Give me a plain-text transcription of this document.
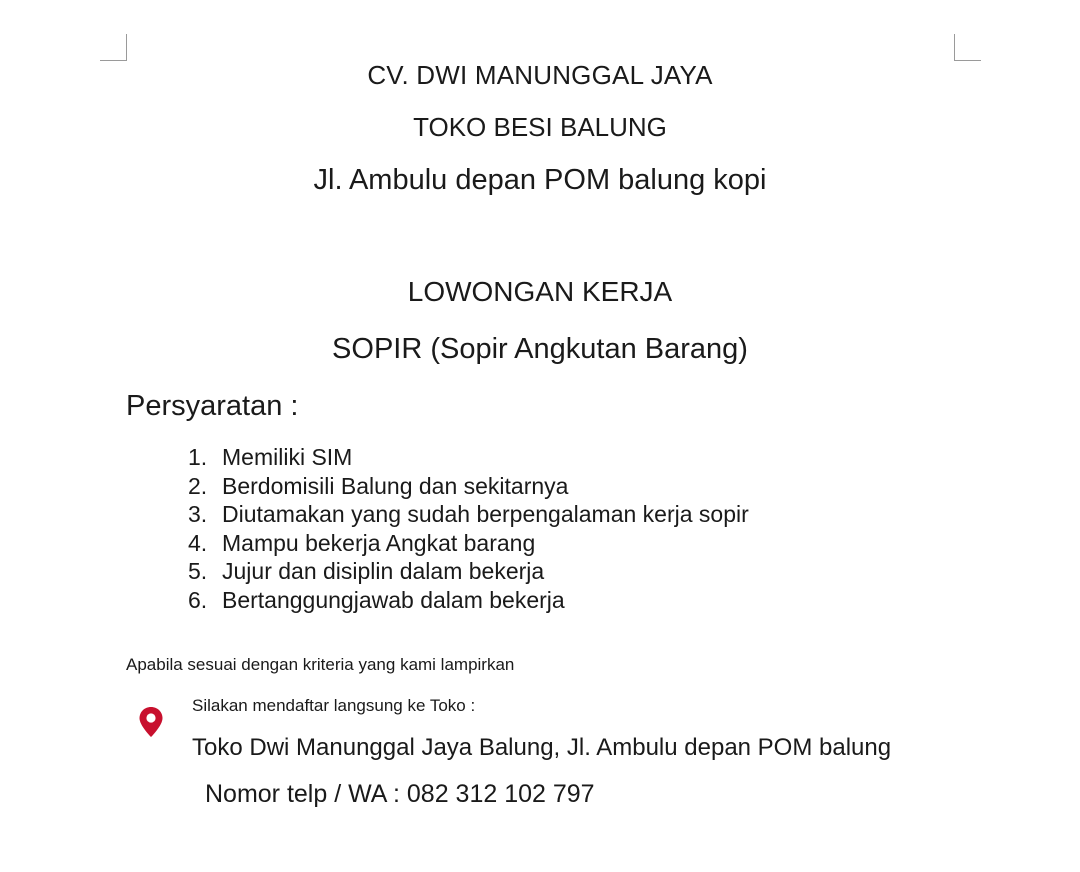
CV. DWI MANUNGGAL JAYA
TOKO BESI BALUNG
Jl. Ambulu depan POM balung kopi
LOWONGAN KERJA
SOPIR (Sopir Angkutan Barang)
Persyaratan :
1. Memiliki SIM
2. Berdomisili Balung dan sekitarnya
3. Diutamakan yang sudah berpengalaman kerja sopir
4. Mampu bekerja Angkat barang
5. Jujur dan disiplin dalam bekerja
6. Bertanggungjawab dalam bekerja
Apabila sesuai dengan kriteria yang kami lampirkan
Silakan mendaftar langsung ke Toko :
Toko Dwi Manunggal Jaya Balung, Jl. Ambulu depan POM balung
Nomor telp / WA : 082 312 102 797
